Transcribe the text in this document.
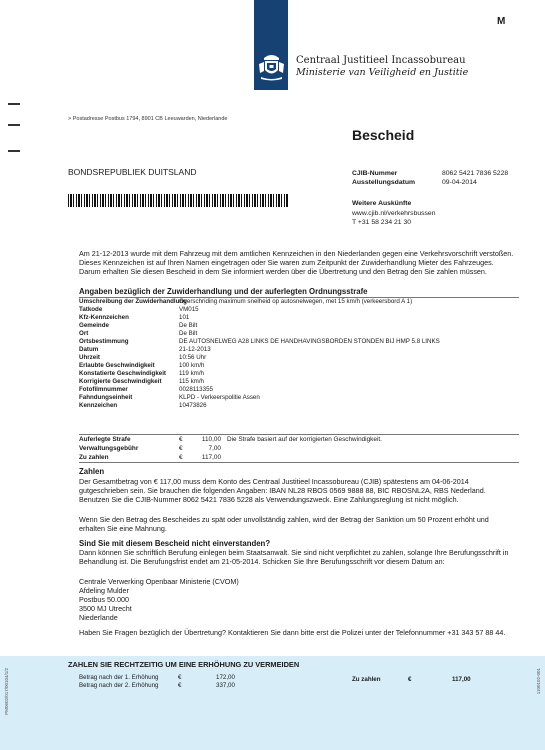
M
Centraal Justitieel Incassobureau
Ministerie van Veiligheid en Justitie
> Postadresse Postbus 1794, 8901 CB Leeuwarden, Niederlande
Bescheid
BONDSREPUBLIEK DUITSLAND	CJIB-Nummer	8062 5421 7836 5228
Ausstellungsdatum	09-04-2014
Weitere Auskünfte
www.cjib.nl/verkehrsbussen
T +31 58 234 21 30
Am 21-12-2013 wurde mit dem Fahrzeug mit dem amtlichen Kennzeichen in den Niederlanden gegen eine Verkehrsvorschrift verstoßen. Dieses Kennzeichen ist auf Ihren Namen eingetragen oder Sie waren zum Zeitpunkt der Zuwiderhandlung Mieter des Fahrzeuges. Darum erhalten Sie diesen Bescheid in dem Sie informiert werden über die Übertretung und den Betrag den Sie zahlen müssen.
Angaben bezüglich der Zuwiderhandlung und der auferlegten Ordnungsstrafe
Umschreibung der Zuwiderhandlung
Overschriding maximum snelheid op autosnelwegen, met 15 km/h (verkeersbord A 1)
Tatkode	VM015
Kfz-Kennzeichen	101
Gemeinde	De Bilt
Ort	De Bilt
Ortsbestimmung	DE AUTOSNELWEG A28 LINKS DE HANDHAVINGSBORDEN STONDEN BIJ HMP 5.8 LINKS
Datum	21-12-2013
Uhrzeit	10:56 Uhr
Erlaubte Geschwindigkeit	100 km/h
Konstatierte Geschwindigkeit	119 km/h
Korrigierte Geschwindigkeit	115 km/h
Fotofilmnummer	0028113355
Fahndungseinheit	KLPD - Verkeerspolitie Assen
Kennzeichen	10473826
Auferlegte Strafe	€	110,00 Die Strafe basiert auf der korrigierten Geschwindigkeit.
Verwaltungsgebühr	€	7,00
Zu zahlen	€	117,00
Zahlen
Der Gesamtbetrag von € 117,00 muss dem Konto des Centraal Justitieel Incassobureau (CJIB) spätestens am 04-06-2014 gutgeschrieben sein. Sie brauchen die folgenden Angaben: IBAN NL28 RBOS 0569 9888 88, BIC RBOSNL2A, RBS Nederland. Benutzen Sie die CJIB-Nummer 8062 5421 7836 5228 als Verwendungszweck. Eine Zahlungsreglung ist nicht möglich.
Wenn Sie den Betrag des Bescheides zu spät oder unvollständig zahlen, wird der Betrag der Sanktion um 50 Prozent erhöht und erhalten Sie eine Mahnung.
Sind Sie mit diesem Bescheid nicht einverstanden?
Dann können Sie schriftlich Berufung einlegen beim Staatsanwalt. Sie sind nicht verpflichtet zu zahlen, solange Ihre Berufungsschrift in Behandlung ist. Die Berufungsfrist endet am 21-05-2014. Schicken Sie Ihre Berufungsschrift vor diesem Datum an:
Centrale Verwerking Openbaar Ministerie (CVOM)
Afdeling Mulder
Postbus 50.000
3500 MJ Utrecht
Niederlande
Haben Sie Fragen bezüglich der Übertretung? Kontaktieren Sie dann bitte erst die Polizei unter der Telefonnummer +31 343 57 88 44.
ZAHLEN SIE RECHTZEITIG UM EINE ERHÖHUNG ZU VERMEIDEN
Betrag nach der 1. Erhöhung	€	172,00
Betrag nach der 2. Erhöhung	€	337,00
Zu zahlen	€	117,00
PM0602/017/00104/1/2	1100102-001
